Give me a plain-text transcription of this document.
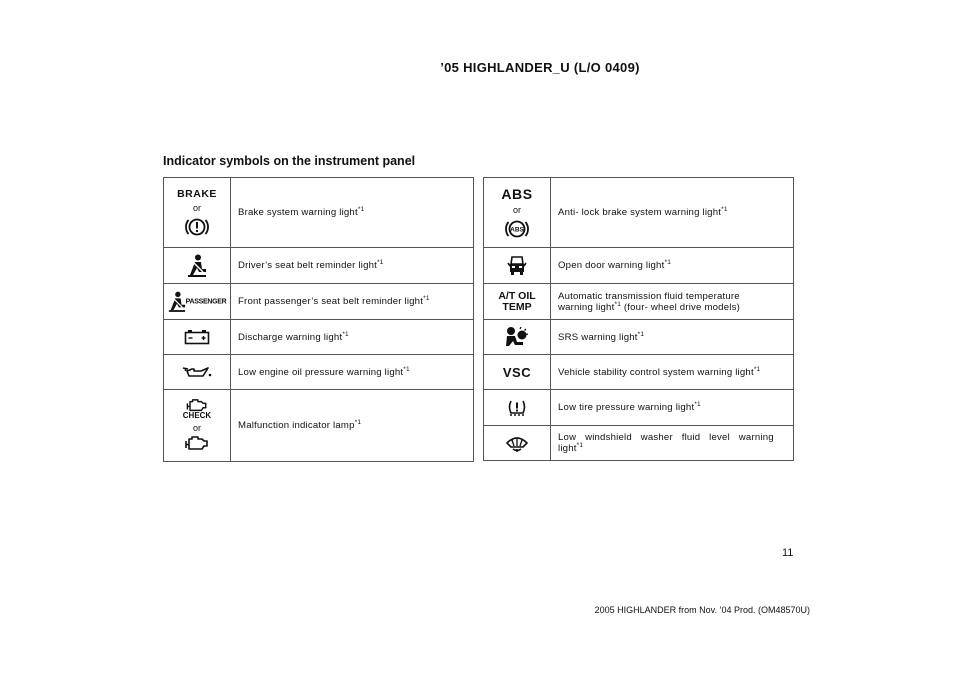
’05 HIGHLANDER_U (L/O 0409)
Indicator symbols on the instrument panel
BRAKE
or	Brake system warning light$^{*1}$
	Driver’s seat belt reminder light$^{*1}$
PASSENGER	Front passenger’s seat belt reminder light$^{*1}$
	Discharge warning light$^{*1}$
	Low engine oil pressure warning light$^{*1}$

CHECK
or	Malfunction indicator lamp$^{*1}$
ABS
or
ABS	Anti- lock brake system warning light$^{*1}$
	Open door warning light$^{*1}$
A/T OIL
TEMP	Automatic transmission fluid temperature
warning light$^{*1}$ (four- wheel drive models)
	SRS warning light$^{*1}$
VSC	Vehicle stability control system warning light$^{*1}$
	Low tire pressure warning light$^{*1}$

Low windshield washer fluid level warning
light$^{*1}$
11
2005 HIGHLANDER from Nov. ’04 Prod. (OM48570U)
